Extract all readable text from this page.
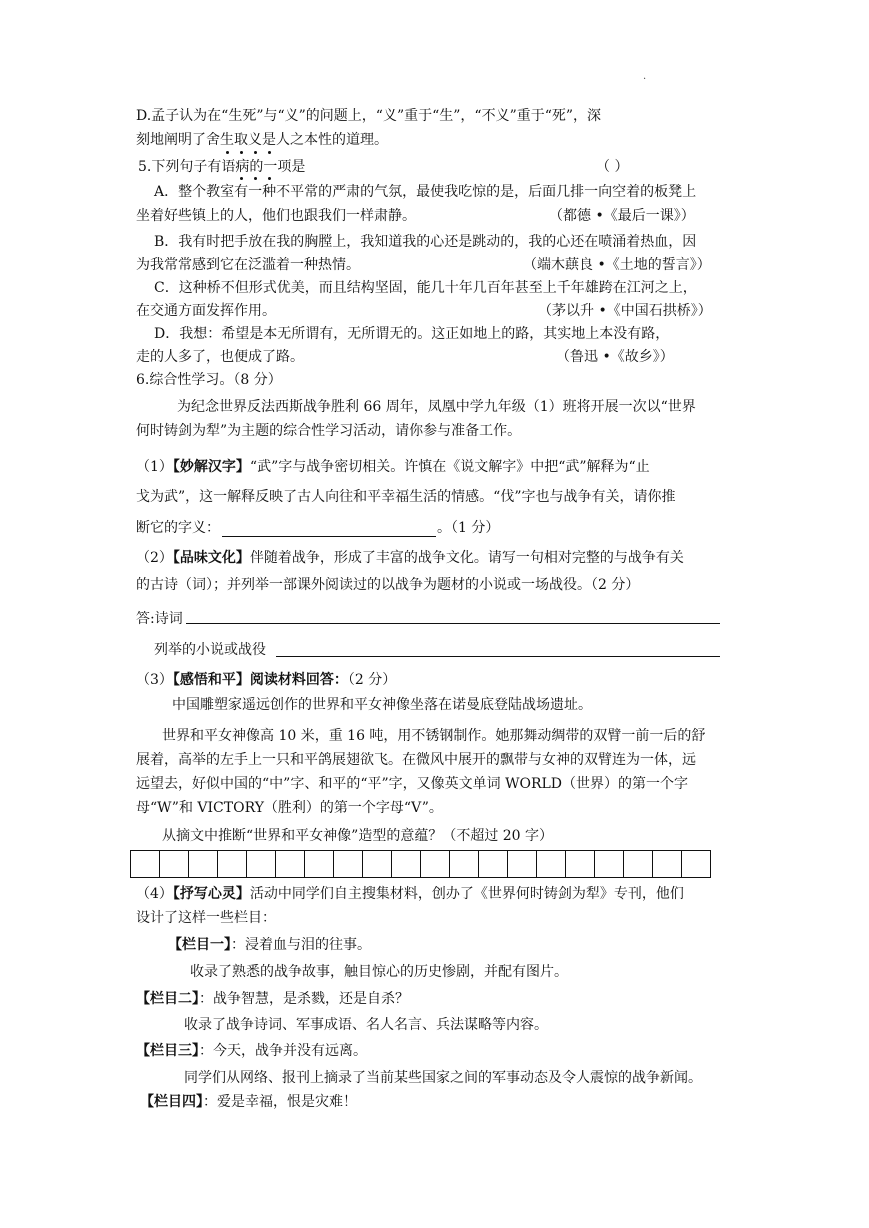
.
D.孟子认为在“生死”与“义”的问题上，“义”重于“生”，“不义”重于“死”，深
刻地阐明了舍生取义是人之本性的道理。
5.下列句子有语病的一项是	（ ）
A．整个教室有一种不平常的严肃的气氛，最使我吃惊的是，后面几排一向空着的板凳上
坐着好些镇上的人，他们也跟我们一样肃静。	（都德 •《最后一课》）
B．我有时把手放在我的胸膛上，我知道我的心还是跳动的，我的心还在喷涌着热血，因
为我常常感到它在泛滥着一种热情。	（端木蕻良 •《土地的誓言》）
C．这种桥不但形式优美，而且结构坚固，能几十年几百年甚至上千年雄跨在江河之上，
在交通方面发挥作用。	（茅以升 •《中国石拱桥》）
D．我想：希望是本无所谓有，无所谓无的。这正如地上的路，其实地上本没有路，
走的人多了，也便成了路。	（鲁迅 •《故乡》）
6.综合性学习。（8 分）
为纪念世界反法西斯战争胜利 66 周年，凤凰中学九年级（1）班将开展一次以“世界
何时铸剑为犁”为主题的综合性学习活动，请你参与准备工作。
（1）【妙解汉字】“武”字与战争密切相关。许慎在《说文解字》中把“武”解释为“止
戈为武”，这一解释反映了古人向往和平幸福生活的情感。“伐”字也与战争有关，请你推
断它的字义：	。（1 分）
（2）【品味文化】伴随着战争，形成了丰富的战争文化。请写一句相对完整的与战争有关
的古诗（词）；并列举一部课外阅读过的以战争为题材的小说或一场战役。（2 分）
答:诗词
列举的小说或战役
（3）【感悟和平】阅读材料回答：（2 分）
中国雕塑家遥远创作的世界和平女神像坐落在诺曼底登陆战场遗址。
世界和平女神像高 10 米，重 16 吨，用不锈钢制作。她那舞动绸带的双臂一前一后的舒
展着，高举的左手上一只和平鸽展翅欲飞。在微风中展开的飘带与女神的双臂连为一体，远
远望去，好似中国的“中”字、和平的“平”字，又像英文单词 WORLD（世界）的第一个字
母“W”和 VICTORY（胜利）的第一个字母“V”。
从摘文中推断“世界和平女神像”造型的意蕴？（不超过 20 字）
（4）【抒写心灵】活动中同学们自主搜集材料，创办了《世界何时铸剑为犁》专刊，他们
设计了这样一些栏目：
【栏目一】：浸着血与泪的往事。
收录了熟悉的战争故事，触目惊心的历史惨剧，并配有图片。
【栏目二】：战争智慧，是杀戮，还是自杀？
收录了战争诗词、军事成语、名人名言、兵法谋略等内容。
【栏目三】：今天，战争并没有远离。
同学们从网络、报刊上摘录了当前某些国家之间的军事动态及令人震惊的战争新闻。
【栏目四】：爱是幸福，恨是灾难！
